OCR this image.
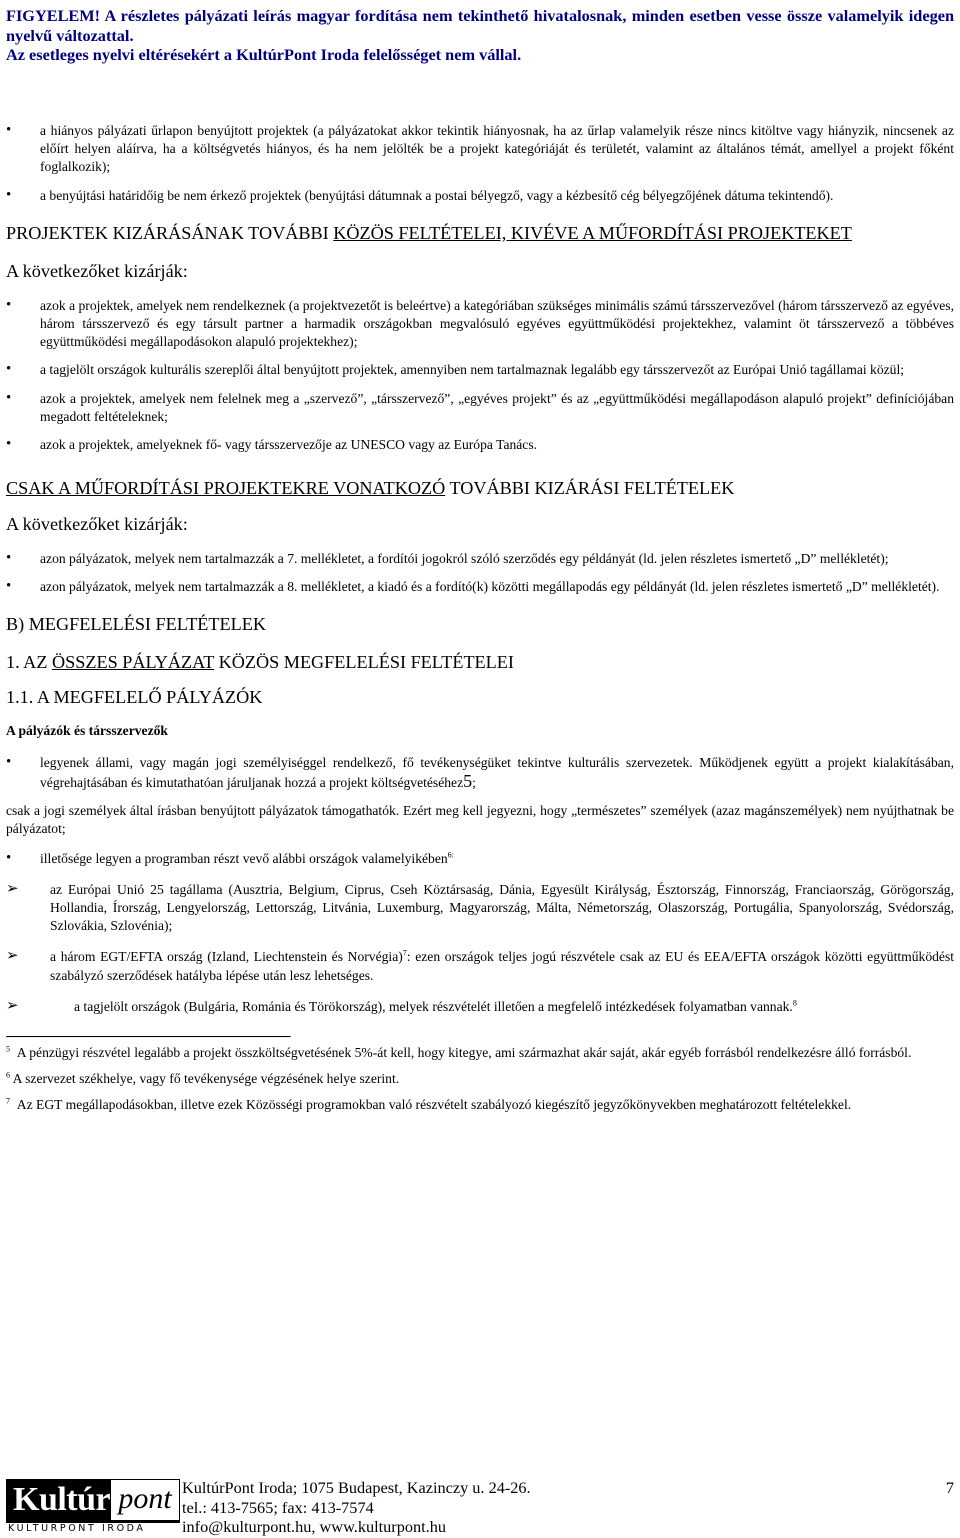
FIGYELEM! A részletes pályázati leírás magyar fordítása nem tekinthető hivatalosnak, minden esetben vesse össze valamelyik idegen nyelvű változattal.
Az esetleges nyelvi eltérésekért a KultúrPont Iroda felelősséget nem vállal.
• a hiányos pályázati űrlapon benyújtott projektek (a pályázatokat akkor tekintik hiányosnak, ha az űrlap valamelyik része nincs kitöltve vagy hiányzik, nincsenek az előírt helyen aláírva, ha a költségvetés hiányos, és ha nem jelölték be a projekt kategóriáját és területét, valamint az általános témát, amellyel a projekt főként foglalkozik);
• a benyújtási határidőig be nem érkező projektek (benyújtási dátumnak a postai bélyegző, vagy a kézbesítő cég bélyegzőjének dátuma tekintendő).
PROJEKTEK KIZÁRÁSÁNAK TOVÁBBI KÖZÖS FELTÉTELEI, KIVÉVE A MŰFORDÍTÁSI PROJEKTEKET
A következőket kizárják:
• azok a projektek, amelyek nem rendelkeznek (a projektvezetőt is beleértve) a kategóriában szükséges minimális számú társszervezővel (három társszervező az egyéves, három társszervező és egy társult partner a harmadik országokban megvalósuló egyéves együttműködési projektekhez, valamint öt társszervező a többéves együttműködési megállapodásokon alapuló projektekhez);
• a tagjelölt országok kulturális szereplői által benyújtott projektek, amennyiben nem tartalmaznak legalább egy társszervezőt az Európai Unió tagállamai közül;
• azok a projektek, amelyek nem felelnek meg a „szervező”, „társszervező”, „egyéves projekt” és az „együttműködési megállapodáson alapuló projekt” definíciójában megadott feltételeknek;
• azok a projektek, amelyeknek fő- vagy társszervezője az UNESCO vagy az Európa Tanács.
CSAK A MŰFORDÍTÁSI PROJEKTEKRE VONATKOZÓ TOVÁBBI KIZÁRÁSI FELTÉTELEK
A következőket kizárják:
• azon pályázatok, melyek nem tartalmazzák a 7. mellékletet, a fordítói jogokról szóló szerződés egy példányát (ld. jelen részletes ismertető „D” mellékletét);
• azon pályázatok, melyek nem tartalmazzák a 8. mellékletet, a kiadó és a fordító(k) közötti megállapodás egy példányát (ld. jelen részletes ismertető „D” mellékletét).
B) MEGFELELÉSI FELTÉTELEK
1. AZ ÖSSZES PÁLYÁZAT KÖZÖS MEGFELELÉSI FELTÉTELEI
1.1. A MEGFELELŐ PÁLYÁZÓK
A pályázók és társszervezők
• legyenek állami, vagy magán jogi személyiséggel rendelkező, fő tevékenységüket tekintve kulturális szervezetek. Működjenek együtt a projekt kialakításában, végrehajtásában és kimutathatóan járuljanak hozzá a projekt költségvetéséhez5;
csak a jogi személyek által írásban benyújtott pályázatok támogathatók. Ezért meg kell jegyezni, hogy „természetes” személyek (azaz magánszemélyek) nem nyújthatnak be pályázatot;
• illetősége legyen a programban részt vevő alábbi országok valamelyikében$^{6:}$
➢ az Európai Unió 25 tagállama (Ausztria, Belgium, Ciprus, Cseh Köztársaság, Dánia, Egyesült Királyság, Észtország, Finnország, Franciaország, Görögország, Hollandia, Írország, Lengyelország, Lettország, Litvánia, Luxemburg, Magyarország, Málta, Németország, Olaszország, Portugália, Spanyolország, Svédország, Szlovákia, Szlovénia);
➢ a három EGT/EFTA ország (Izland, Liechtenstein és Norvégia)$^7$: ezen országok teljes jogú részvétele csak az EU és EEA/EFTA országok közötti együttműködést szabályzó szerződések hatályba lépése után lesz lehetséges.
➢	a tagjelölt országok (Bulgária, Románia és Törökország), melyek részvételét illetően a megfelelő intézkedések folyamatban vannak.$^8$
$^5$ A pénzügyi részvétel legalább a projekt összköltségvetésének 5%-át kell, hogy kitegye, ami származhat akár saját, akár egyéb forrásból rendelkezésre álló forrásból.
$^6$ A szervezet székhelye, vagy fő tevékenysége végzésének helye szerint.
$^7$ Az EGT megállapodásokban, illetve ezek Közösségi programokban való részvételt szabályozó kiegészítő jegyzőkönyvekben meghatározott feltételekkel.
Kultúr pont
KULTÚRPONT IRODA
KultúrPont Iroda; 1075 Budapest, Kazinczy u. 24-26.
tel.: 413-7565; fax: 413-7574
info@kulturpont.hu, www.kulturpont.hu
7
